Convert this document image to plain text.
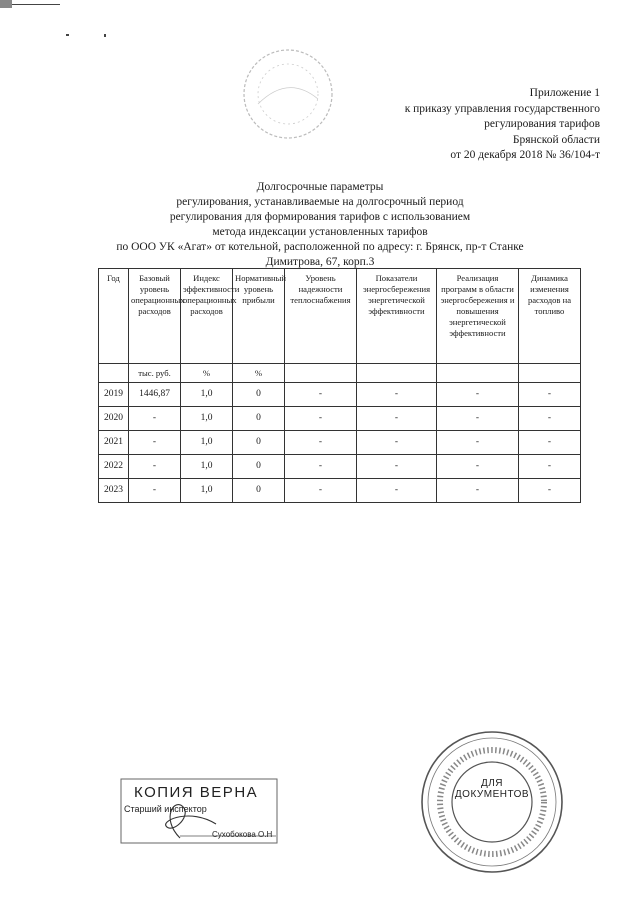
Приложение 1
к приказу управления государственного
регулирования тарифов
Брянской области
от 20 декабря 2018 № 36/104-т
Долгосрочные параметры
регулирования, устанавливаемые на долгосрочный период
регулирования для формирования тарифов с использованием
метода индексации установленных тарифов
по ООО УК «Агат» от котельной, расположенной по адресу: г. Брянск, пр-т Станке
Димитрова, 67, корп.3
Год	Базовый уровень операционных расходов	Индекс эффективности операционных расходов	Нормативный уровень прибыли	Уровень надежности теплоснабжения	Показатели энергосбережения энергетической эффективности	Реализация программ в области энергосбережения и повышения энергетической эффективности	Динамика изменения расходов на топливо
	тыс. руб.	%	%				
2019	1446,87	1,0	0	-	-	-	-
2020	-	1,0	0	-	-	-	-
2021	-	1,0	0	-	-	-	-
2022	-	1,0	0	-	-	-	-
2023	-	1,0	0	-	-	-	-
КОПИЯ ВЕРНА
Старший инспектор
Сухобокова О.Н
ДЛЯ
ДОКУМЕНТОВ
